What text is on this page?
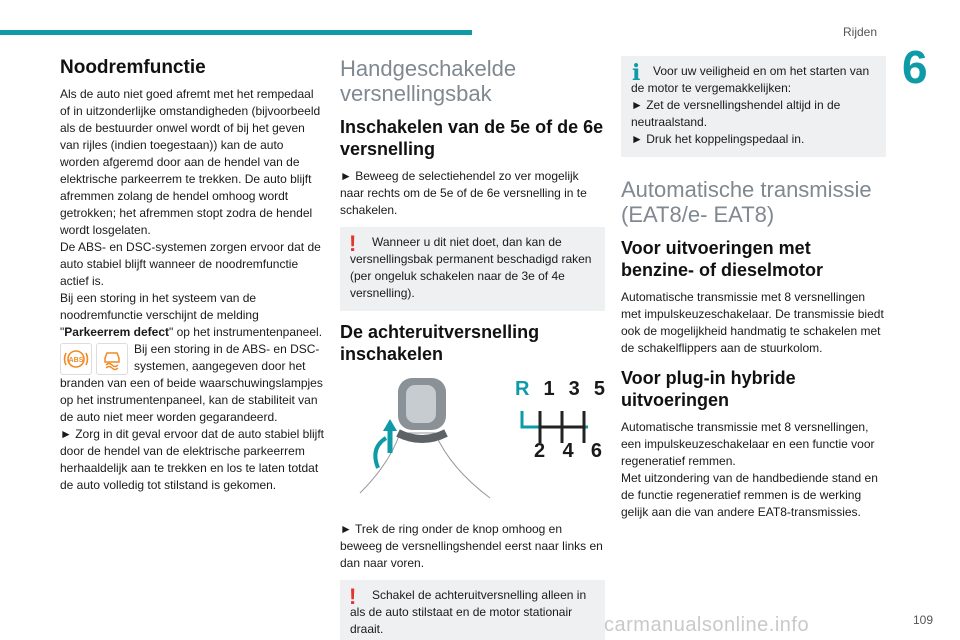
Rijden
6
Noodremfunctie

Als de auto niet goed afremt met het rempedaal of in uitzonderlijke omstandigheden (bijvoorbeeld als de bestuurder onwel wordt of bij het geven van rijles (indien toegestaan)) kan de auto worden afgeremd door aan de hendel van de elektrische parkeerrem te trekken. De auto blijft afremmen zolang de hendel omhoog wordt getrokken; het afremmen stopt zodra de hendel wordt losgelaten.

De ABS- en DSC-systemen zorgen ervoor dat de auto stabiel blijft wanneer de noodremfunctie actief is.

Bij een storing in het systeem van de noodremfunctie verschijnt de melding "Parkeerrem defect" op het instrumentenpaneel.

ABS

Bij een storing in de ABS- en DSC-systemen, aangegeven door het branden van een of beide waarschuwingslampjes op het instrumentenpaneel, kan de stabiliteit van de auto niet meer worden gegarandeerd.

► Zorg in dit geval ervoor dat de auto stabiel blijft door de hendel van de elektrische parkeerrem herhaaldelijk aan te trekken en los te laten totdat de auto volledig tot stilstand is gekomen.

Handgeschakelde versnellingsbak
Inschakelen van de 5e of de 6e versnelling

► Beweeg de selectiehendel zo ver mogelijk naar rechts om de 5e of de 6e versnelling in te schakelen.

!	Wanneer u dit niet doet, dan kan de versnellingsbak permanent beschadigd raken (per ongeluk schakelen naar de 3e of 4e versnelling).

De achteruitversnelling inschakelen
R 1 3 5
2 4 6

► Trek de ring onder de knop omhoog en beweeg de versnellingshendel eerst naar links en dan naar voren.

!	Schakel de achteruitversnelling alleen in als de auto stilstaat en de motor stationair draait.

i	Voor uw veiligheid en om het starten van de motor te vergemakkelijken:

► Zet de versnellingshendel altijd in de neutraalstand.

► Druk het koppelingspedaal in.

Automatische transmissie (EAT8/e- EAT8)
Voor uitvoeringen met benzine- of dieselmotor

Automatische transmissie met 8 versnellingen met impulskeuzeschakelaar. De transmissie biedt ook de mogelijkheid handmatig te schakelen met de schakelflippers aan de stuurkolom.

Voor plug-in hybride uitvoeringen

Automatische transmissie met 8 versnellingen, een impulskeuzeschakelaar en een functie voor regeneratief remmen.

Met uitzondering van de handbediende stand en de functie regeneratief remmen is de werking gelijk aan die van andere EAT8-transmissies.

carmanualsonline.info	109
